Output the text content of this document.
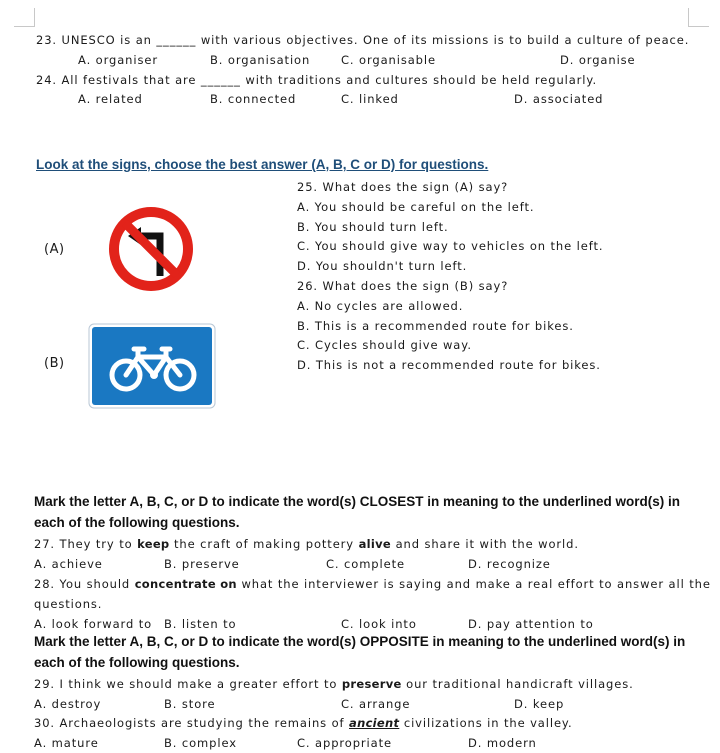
23. UNESCO is an ______ with various objectives. One of its missions is to build a culture of peace.
A. organiser	B. organisation	C. organisable	D. organise
24. All festivals that are ______ with traditions and cultures should be held regularly.
A. related	B. connected	C. linked	D. associated
Look at the signs, choose the best answer (A, B, C or D) for questions.
(A)
(B)
25. What does the sign (A) say?
A. You should be careful on the left.
B. You should turn left.
C. You should give way to vehicles on the left.
D. You shouldn't turn left.
26. What does the sign (B) say?
A. No cycles are allowed.
B. This is a recommended route for bikes.
C. Cycles should give way.
D. This is not a recommended route for bikes.
Mark the letter A, B, C, or D to indicate the word(s) CLOSEST in meaning to the underlined word(s) in
each of the following questions.
27. They try to keep the craft of making pottery alive and share it with the world.
A. achieve	B. preserve	C. complete	D. recognize
28. You should concentrate on what the interviewer is saying and make a real effort to answer all the
questions.
A. look forward to B. listen to	C. look into	D. pay attention to
Mark the letter A, B, C, or D to indicate the word(s) OPPOSITE in meaning to the underlined word(s) in
each of the following questions.
29. I think we should make a greater effort to preserve our traditional handicraft villages.
A. destroy	B. store	C. arrange	D. keep
30. Archaeologists are studying the remains of ancient civilizations in the valley.
A. mature	B. complex	C. appropriate	D. modern
